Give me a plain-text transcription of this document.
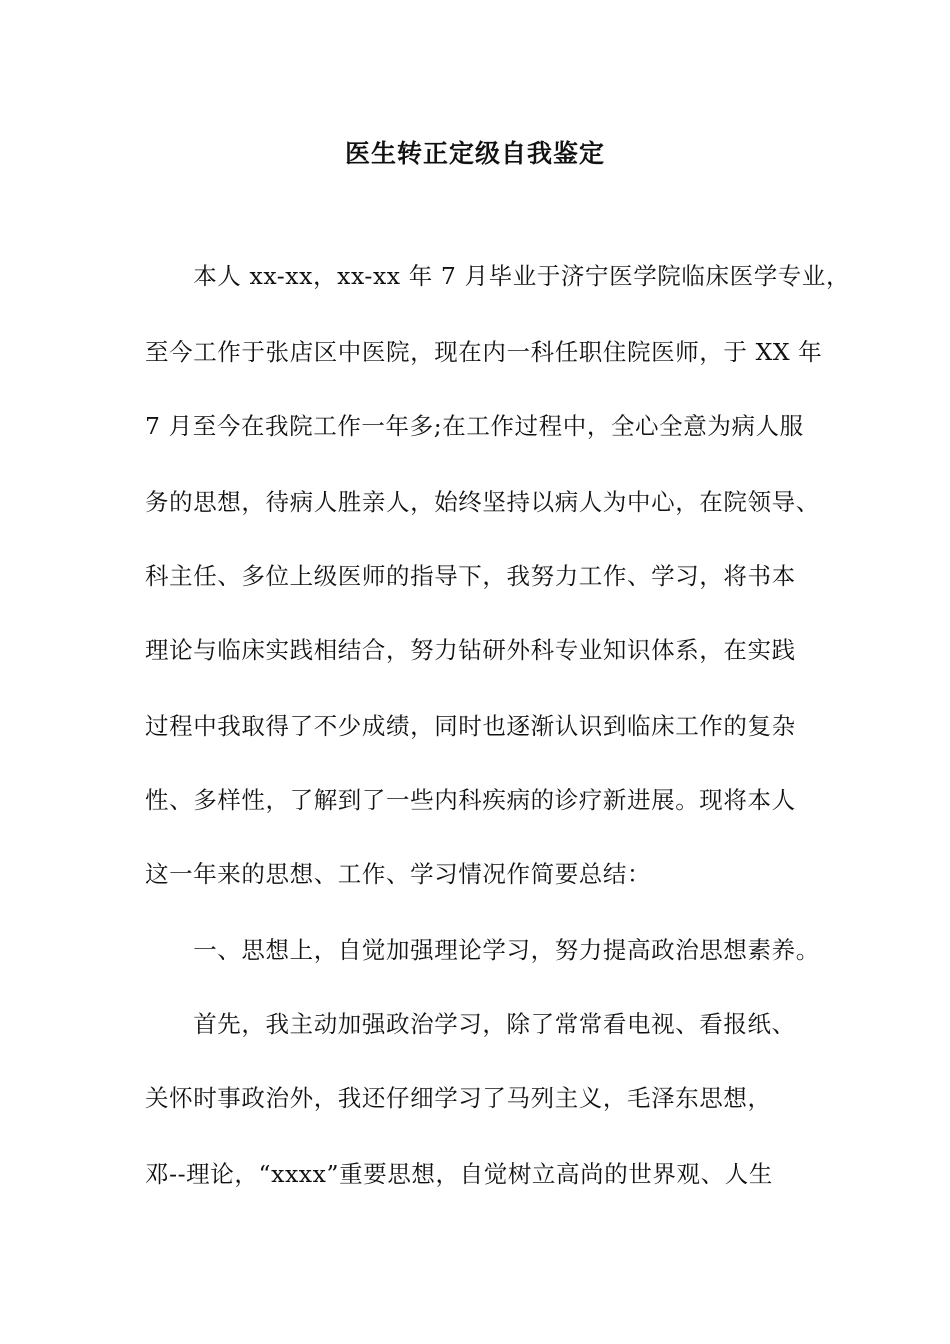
医生转正定级自我鉴定
　　本人 xx-xx，xx-xx 年 7 月毕业于济宁医学院临床医学专业，
至今工作于张店区中医院，现在内一科任职住院医师，于 XX 年
7 月至今在我院工作一年多;在工作过程中，全心全意为病人服
务的思想，待病人胜亲人，始终坚持以病人为中心，在院领导、
科主任、多位上级医师的指导下，我努力工作、学习，将书本
理论与临床实践相结合，努力钻研外科专业知识体系，在实践
过程中我取得了不少成绩，同时也逐渐认识到临床工作的复杂
性、多样性，了解到了一些内科疾病的诊疗新进展。现将本人
这一年来的思想、工作、学习情况作简要总结：
　　一、思想上，自觉加强理论学习，努力提高政治思想素养。
　　首先，我主动加强政治学习，除了常常看电视、看报纸、
关怀时事政治外，我还仔细学习了马列主义，毛泽东思想，
邓--理论，“xxxx”重要思想，自觉树立高尚的世界观、人生
